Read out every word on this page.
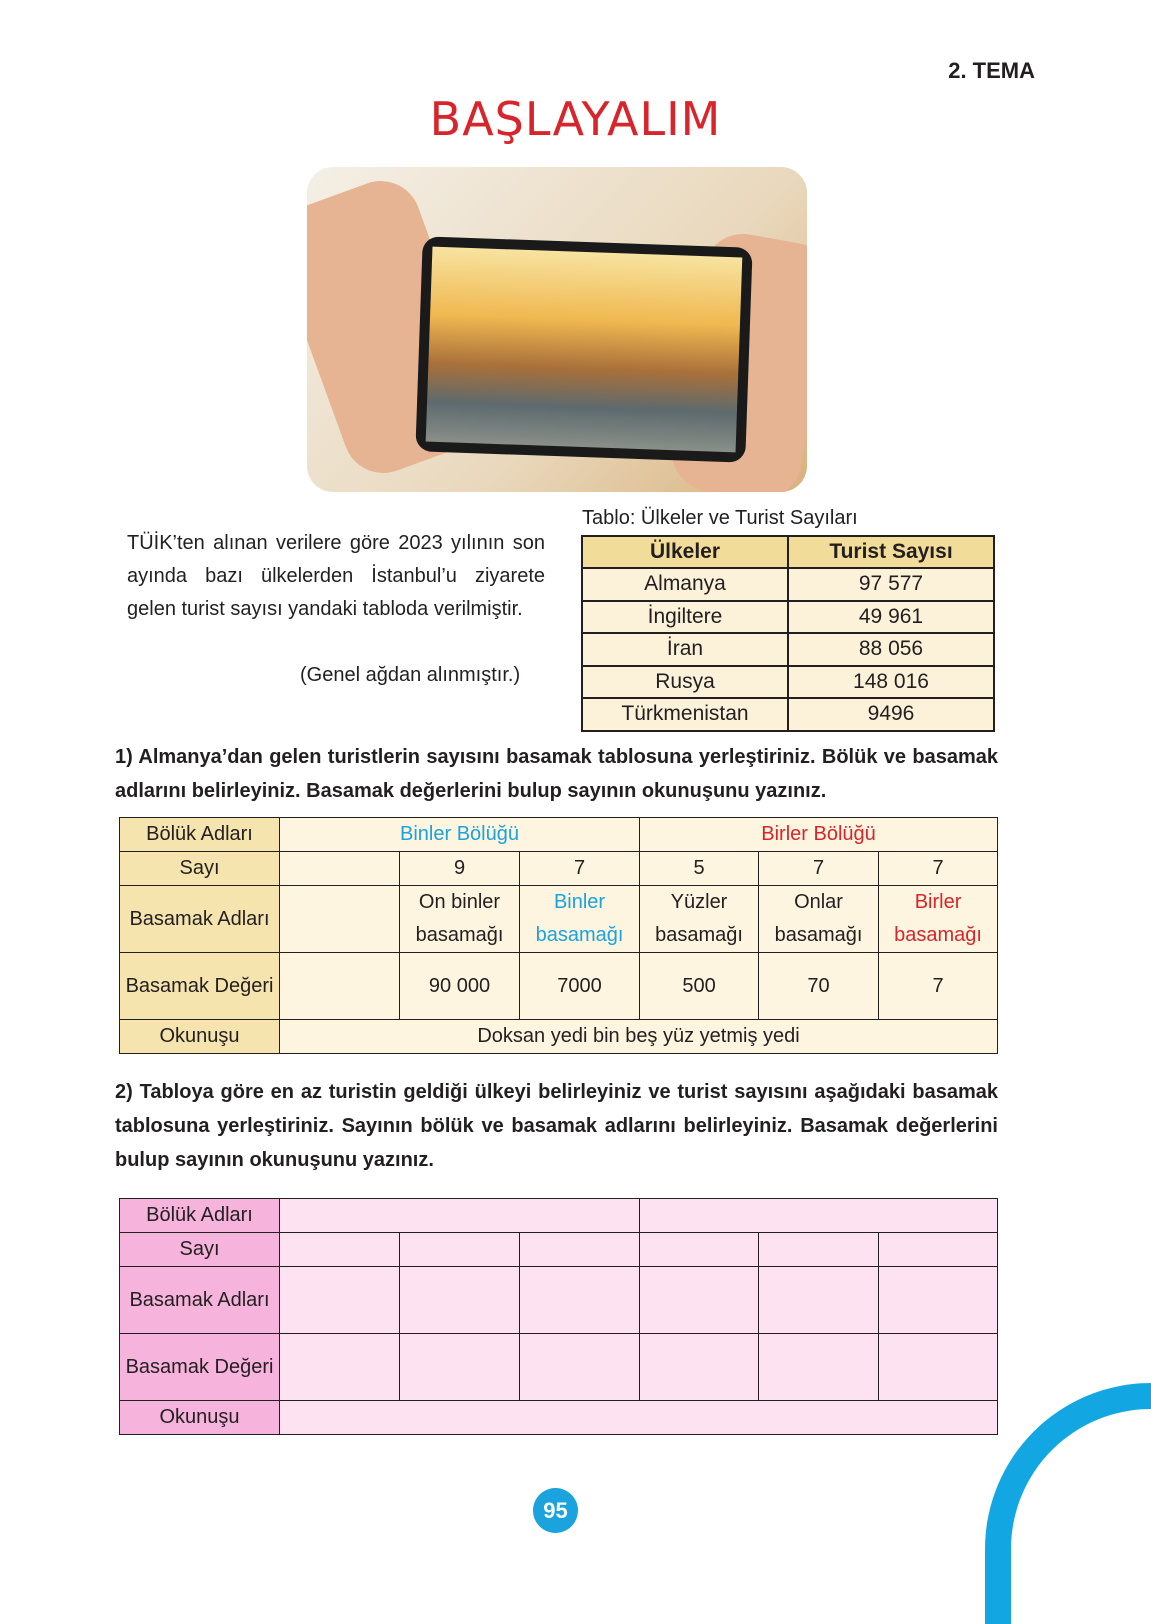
2. TEMA
BAŞLAYALIM
TÜİK’ten alınan verilere göre 2023 yılının son ayında bazı ülkelerden İstanbul’u ziyarete gelen turist sayısı yandaki tabloda verilmiştir.
(Genel ağdan alınmıştır.)
Tablo: Ülkeler ve Turist Sayıları
Ülkeler	Turist Sayısı
Almanya	97 577
İngiltere	49 961
İran	88 056
Rusya	148 016
Türkmenistan	9496
1) Almanya’dan gelen turistlerin sayısını basamak tablosuna yerleştiriniz. Bölük ve basamak adlarını belirleyiniz. Basamak değerlerini bulup sayının okunuşunu yazınız.
Bölük Adları	Binler Bölüğü			Birler Bölüğü		
Sayı		9	7	5	7	7
Basamak Adları		On binler basamağı	Binler basamağı	Yüzler basamağı	Onlar basamağı	Birler basamağı
Basamak Değeri		90 000	7000	500	70	7
Okunuşu	Doksan yedi bin beş yüz yetmiş yedi					
2) Tabloya göre en az turistin geldiği ülkeyi belirleyiniz ve turist sayısını aşağıdaki basamak tablosuna yerleştiriniz. Sayının bölük ve basamak adlarını belirleyiniz. Basamak değerlerini bulup sayının okunuşunu yazınız.
Bölük Adları						
Sayı						
Basamak Adları						
Basamak Değeri						
Okunuşu						
95
